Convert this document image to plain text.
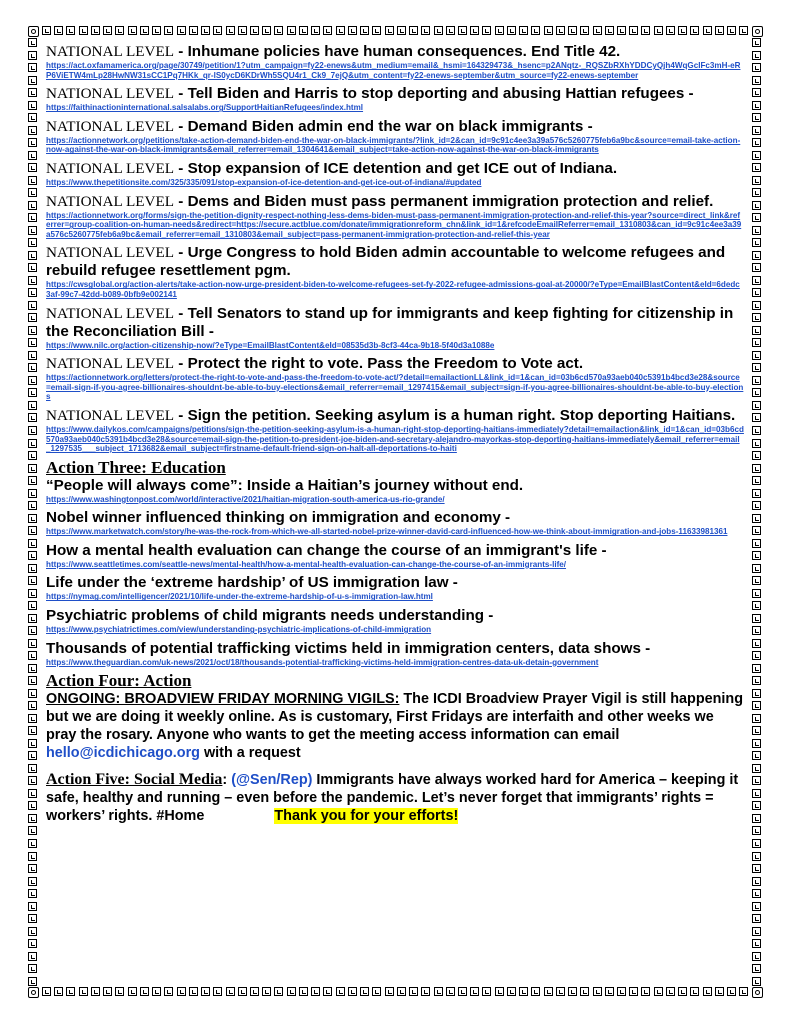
NATIONAL LEVEL - Inhumane policies have human consequences. End Title 42.
https://act.oxfamamerica.org/page/30749/petition/1?utm_campaign=fy22-enews&utm_medium=email&_hsmi=164329473&_hsenc=p2ANqtz-_RQSZbRXhYDDCyQjh4WqGcIFc3mH-eRP6ViETW4mLp28HwNW31sCC1Pq7HKk_qr-lS0ycD6KDrWh5SQU4r1_Ck9_7ejQ&utm_content=fy22-enews-september&utm_source=fy22-enews-september
NATIONAL LEVEL - Tell Biden and Harris to stop deporting and abusing Hattian refugees -
https://faithinactioninternational.salsalabs.org/SupportHaitianRefugees/index.html
NATIONAL LEVEL - Demand Biden admin end the war on black immigrants -
https://actionnetwork.org/petitions/take-action-demand-biden-end-the-war-on-black-immigrants/?link_id=2&can_id=9c91c4ee3a39a576c5260775feb6a9bc&source=email-take-action-now-against-the-war-on-black-immigrants&email_referrer=email_1304641&email_subject=take-action-now-against-the-war-on-black-immigrants
NATIONAL LEVEL - Stop expansion of ICE detention and get ICE out of Indiana.
https://www.thepetitionsite.com/325/335/091/stop-expansion-of-ice-detention-and-get-ice-out-of-indiana/#updated
NATIONAL LEVEL - Dems and Biden must pass permanent immigration protection and relief.
https://actionnetwork.org/forms/sign-the-petition-dignity-respect-nothing-less-dems-biden-must-pass-permanent-immigration-protection-and-relief-this-year?source=direct_link&referrer=group-coalition-on-human-needs&redirect=https://secure.actblue.com/donate/immigrationreform_chn&link_id=1&refcodeEmailReferrer=email_1310803&can_id=9c91c4ee3a39a576c5260775feb6a9bc&email_referrer=email_1310803&email_subject=pass-permanent-immigration-protection-and-relief-this-year
NATIONAL LEVEL - Urge Congress to hold Biden admin accountable to welcome refugees and rebuild refugee resettlement pgm.
https://cwsglobal.org/action-alerts/take-action-now-urge-president-biden-to-welcome-refugees-set-fy-2022-refugee-admissions-goal-at-20000/?eType=EmailBlastContent&eId=6dedc3af-99c7-42dd-b089-0bfb9e002141
NATIONAL LEVEL - Tell Senators to stand up for immigrants and keep fighting for citizenship in the Reconciliation Bill -
https://www.nilc.org/action-citizenship-now/?eType=EmailBlastContent&eId=08535d3b-8cf3-44ca-9b18-5f40d3a1088e
NATIONAL LEVEL - Protect the right to vote. Pass the Freedom to Vote act.
https://actionnetwork.org/letters/protect-the-right-to-vote-and-pass-the-freedom-to-vote-act/?detail=emailactionLL&link_id=1&can_id=03b6cd570a93aeb040c5391b4bcd3e28&source=email-sign-if-you-agree-billionaires-shouldnt-be-able-to-buy-elections&email_referrer=email_1297415&email_subject=sign-if-you-agree-billionaires-shouldnt-be-able-to-buy-elections
NATIONAL LEVEL - Sign the petition. Seeking asylum is a human right. Stop deporting Haitians.
https://www.dailykos.com/campaigns/petitions/sign-the-petition-seeking-asylum-is-a-human-right-stop-deporting-haitians-immediately?detail=emailaction&link_id=1&can_id=03b6cd570a93aeb040c5391b4bcd3e28&source=email-sign-the-petition-to-president-joe-biden-and-secretary-alejandro-mayorkas-stop-deporting-haitians-immediately&email_referrer=email_1297535___subject_1713682&email_subject=firstname-default-friend-sign-on-halt-all-deportations-to-haiti
Action Three: Education
“People will always come”: Inside a Haitian’s journey without end.
https://www.washingtonpost.com/world/interactive/2021/haitian-migration-south-america-us-rio-grande/
Nobel winner influenced thinking on immigration and economy -
https://www.marketwatch.com/story/he-was-the-rock-from-which-we-all-started-nobel-prize-winner-david-card-influenced-how-we-think-about-immigration-and-jobs-11633981361
How a mental health evaluation can change the course of an immigrant's life -
https://www.seattletimes.com/seattle-news/mental-health/how-a-mental-health-evaluation-can-change-the-course-of-an-immigrants-life/
Life under the ‘extreme hardship’ of US immigration law -
https://nymag.com/intelligencer/2021/10/life-under-the-extreme-hardship-of-u-s-immigration-law.html
Psychiatric problems of child migrants needs understanding -
https://www.psychiatrictimes.com/view/understanding-psychiatric-implications-of-child-immigration
Thousands of potential trafficking victims held in immigration centers, data shows -
https://www.theguardian.com/uk-news/2021/oct/18/thousands-potential-trafficking-victims-held-immigration-centres-data-uk-detain-government
Action Four: Action
ONGOING: BROADVIEW FRIDAY MORNING VIGILS: The ICDI Broadview Prayer Vigil is still happening but we are doing it weekly online. As is customary, First Fridays are interfaith and other weeks we pray the rosary. Anyone who wants to get the meeting access information can email hello@icdichicago.org with a request
Action Five: Social Media: (@Sen/Rep) Immigrants have always worked hard for America – keeping it safe, healthy and running – even before the pandemic. Let’s never forget that immigrants’ rights = workers’ rights. #Home	Thank you for your efforts!
